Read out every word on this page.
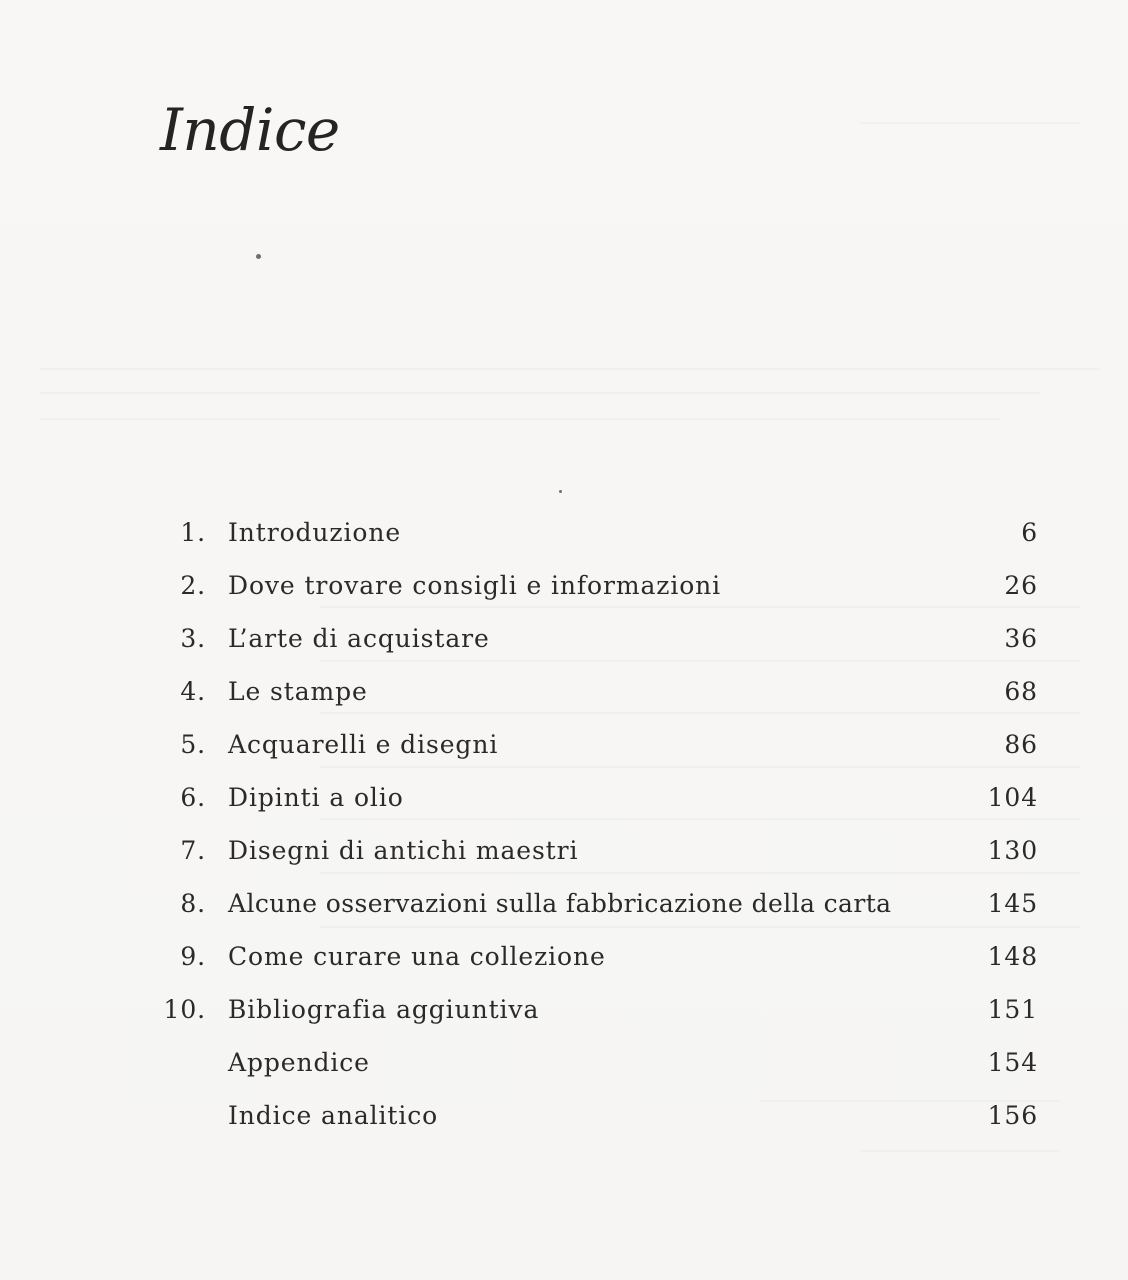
Indice
1. Introduzione	6
2. Dove trovare consigli e informazioni	26
3. L’arte di acquistare	36
4. Le stampe	68
5. Acquarelli e disegni	86
6. Dipinti a olio	104
7. Disegni di antichi maestri	130
8. Alcune osservazioni sulla fabbricazione della carta	145
9. Come curare una collezione	148
10. Bibliografia aggiuntiva	151
Appendice	154
Indice analitico	156
